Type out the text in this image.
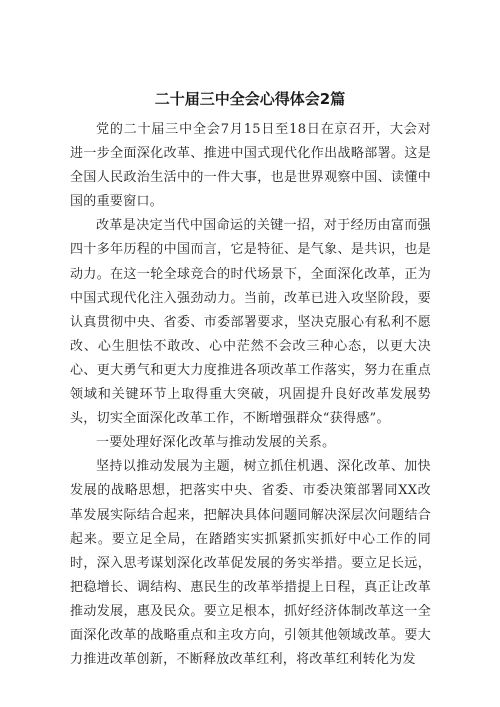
二十届三中全会心得体会2篇

党的二十届三中全会7月15日至18日在京召开，大会对进一步全面深化改革、推进中国式现代化作出战略部署。这是全国人民政治生活中的一件大事，也是世界观察中国、读懂中国的重要窗口。

改革是决定当代中国命运的关键一招，对于经历由富而强四十多年历程的中国而言，它是特征、是气象、是共识，也是动力。在这一轮全球竞合的时代场景下，全面深化改革，正为中国式现代化注入强劲动力。当前，改革已进入攻坚阶段，要认真贯彻中央、省委、市委部署要求，坚决克服心有私利不愿改、心生胆怯不敢改、心中茫然不会改三种心态，以更大决心、更大勇气和更大力度推进各项改革工作落实，努力在重点领域和关键环节上取得重大突破，巩固提升良好改革发展势头，切实全面深化改革工作，不断增强群众“获得感”。

一要处理好深化改革与推动发展的关系。

坚持以推动发展为主题，树立抓住机遇、深化改革、加快发展的战略思想，把落实中央、省委、市委决策部署同XX改革发展实际结合起来，把解决具体问题同解决深层次问题结合起来。要立足全局，在踏踏实实抓紧抓实抓好中心工作的同时，深入思考谋划深化改革促发展的务实举措。要立足长远，把稳增长、调结构、惠民生的改革举措提上日程，真正让改革推动发展，惠及民众。要立足根本，抓好经济体制改革这一全面深化改革的战略重点和主攻方向，引领其他领域改革。要大力推进改革创新，不断释放改革红利，将改革红利转化为发
